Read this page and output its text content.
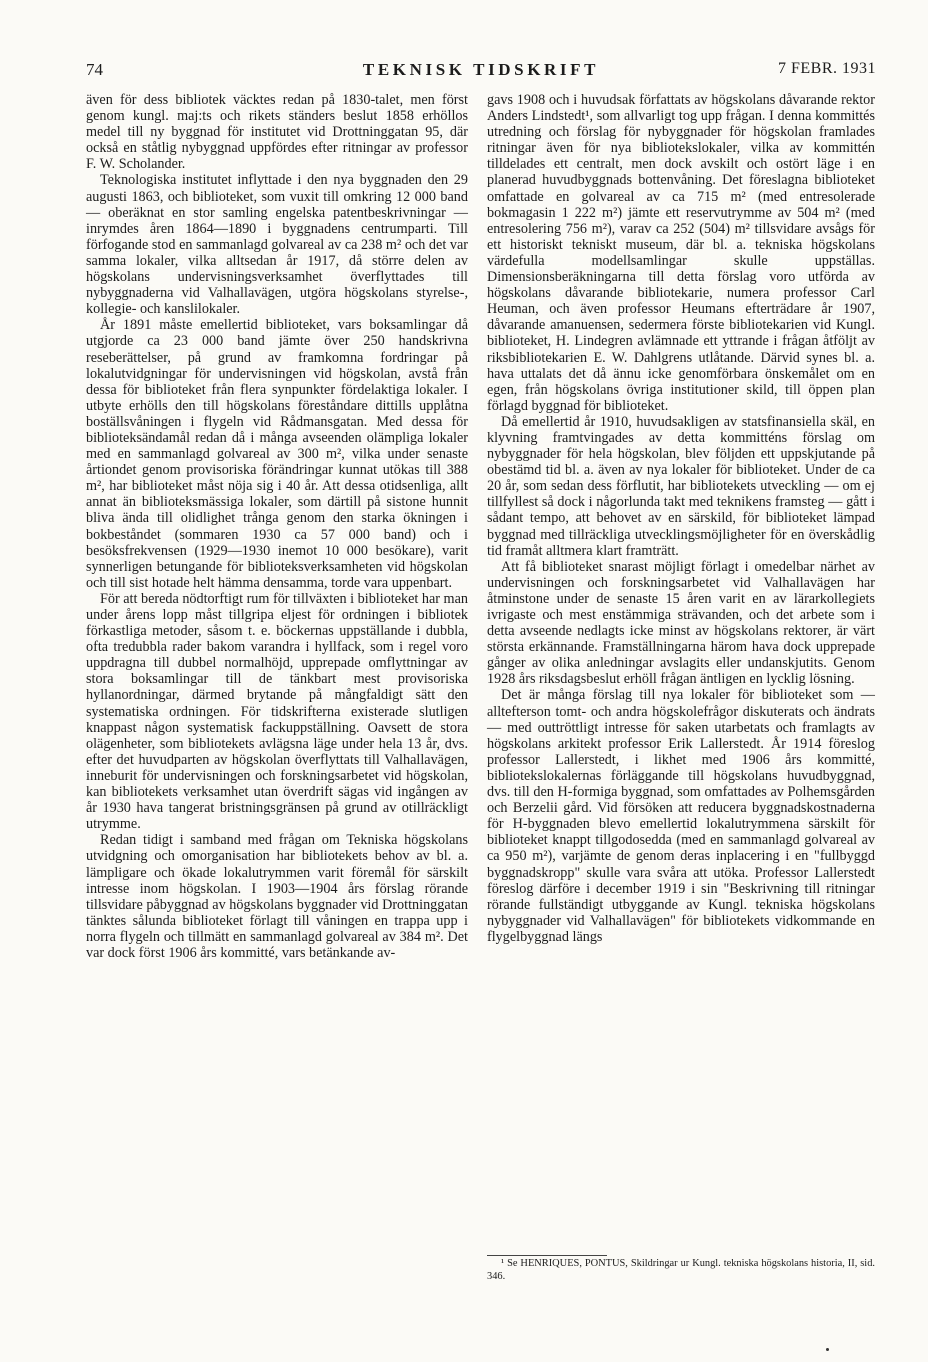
74	TEKNISK TIDSKRIFT	7 FEBR. 1931

även för dess bibliotek väcktes redan på 1830-talet, men först genom kungl. maj:ts och rikets ständers beslut 1858 erhöllos medel till ny byggnad för institutet vid Drottninggatan 95, där också en ståtlig nybyggnad uppfördes efter ritningar av professor F. W. Scholander.

Teknologiska institutet inflyttade i den nya byggnaden den 29 augusti 1863, och biblioteket, som vuxit till omkring 12 000 band — oberäknat en stor samling engelska patentbeskrivningar — inrymdes åren 1864—1890 i byggnadens centrumparti. Till förfogande stod en sammanlagd golvareal av ca 238 m² och det var samma lokaler, vilka alltsedan år 1917, då större delen av högskolans undervisningsverksamhet överflyttades till nybyggnaderna vid Valhallavägen, utgöra högskolans styrelse-, kollegie- och kanslilokaler.

År 1891 måste emellertid biblioteket, vars boksamlingar då utgjorde ca 23 000 band jämte över 250 handskrivna reseberättelser, på grund av framkomna fordringar på lokalutvidgningar för undervisningen vid högskolan, avstå från dessa för biblioteket från flera synpunkter fördelaktiga lokaler. I utbyte erhölls den till högskolans föreståndare dittills upplåtna boställsvåningen i flygeln vid Rådmansgatan. Med dessa för biblioteksändamål redan då i många avseenden olämpliga lokaler med en sammanlagd golvareal av 300 m², vilka under senaste årtiondet genom provisoriska förändringar kunnat utökas till 388 m², har biblioteket måst nöja sig i 40 år. Att dessa otidsenliga, allt annat än biblioteksmässiga lokaler, som därtill på sistone hunnit bliva ända till olidlighet trånga genom den starka ökningen i bokbeståndet (sommaren 1930 ca 57 000 band) och i besöksfrekvensen (1929—1930 inemot 10 000 besökare), varit synnerligen betungande för biblioteksverksamheten vid högskolan och till sist hotade helt hämma densamma, torde vara uppenbart.

För att bereda nödtorftigt rum för tillväxten i biblioteket har man under årens lopp måst tillgripa eljest för ordningen i bibliotek förkastliga metoder, såsom t. e. böckernas uppställande i dubbla, ofta tredubbla rader bakom varandra i hyllfack, som i regel voro uppdragna till dubbel normalhöjd, upprepade omflyttningar av stora boksamlingar till de tänkbart mest provisoriska hyllanordningar, därmed brytande på mångfaldigt sätt den systematiska ordningen. För tidskrifterna existerade slutligen knappast någon systematisk fackuppställning. Oavsett de stora olägenheter, som bibliotekets avlägsna läge under hela 13 år, dvs. efter det huvudparten av högskolan överflyttats till Valhallavägen, inneburit för undervisningen och forskningsarbetet vid högskolan, kan bibliotekets verksamhet utan överdrift sägas vid ingången av år 1930 hava tangerat bristningsgränsen på grund av otillräckligt utrymme.

Redan tidigt i samband med frågan om Tekniska högskolans utvidgning och omorganisation har bibliotekets behov av bl. a. lämpligare och ökade lokalutrymmen varit föremål för särskilt intresse inom högskolan. I 1903—1904 års förslag rörande tillsvidare påbyggnad av högskolans byggnader vid Drottninggatan tänktes sålunda biblioteket förlagt till våningen en trappa upp i norra flygeln och tillmätt en sammanlagd golvareal av 384 m². Det var dock först 1906 års kommitté, vars betänkande av-

gavs 1908 och i huvudsak författats av högskolans dåvarande rektor Anders Lindstedt¹, som allvarligt tog upp frågan. I denna kommittés utredning och förslag för nybyggnader för högskolan framlades ritningar även för nya bibliotekslokaler, vilka av kommittén tilldelades ett centralt, men dock avskilt och ostört läge i en planerad huvudbyggnads bottenvåning. Det föreslagna biblioteket omfattade en golvareal av ca 715 m² (med entresolerade bokmagasin 1 222 m²) jämte ett reservutrymme av 504 m² (med entresolering 756 m²), varav ca 252 (504) m² tillsvidare avsågs för ett historiskt tekniskt museum, där bl. a. tekniska högskolans värdefulla modellsamlingar skulle uppställas. Dimensionsberäkningarna till detta förslag voro utförda av högskolans dåvarande bibliotekarie, numera professor Carl Heuman, och även professor Heumans efterträdare år 1907, dåvarande amanuensen, sedermera förste bibliotekarien vid Kungl. biblioteket, H. Lindegren avlämnade ett yttrande i frågan åtföljt av riksbibliotekarien E. W. Dahlgrens utlåtande. Därvid synes bl. a. hava uttalats det då ännu icke genomförbara önskemålet om en egen, från högskolans övriga institutioner skild, till öppen plan förlagd byggnad för biblioteket.

Då emellertid år 1910, huvudsakligen av statsfinansiella skäl, en klyvning framtvingades av detta kommitténs förslag om nybyggnader för hela högskolan, blev följden ett uppskjutande på obestämd tid bl. a. även av nya lokaler för biblioteket. Under de ca 20 år, som sedan dess förflutit, har bibliotekets utveckling — om ej tillfyllest så dock i någorlunda takt med teknikens framsteg — gått i sådant tempo, att behovet av en särskild, för biblioteket lämpad byggnad med tillräckliga utvecklingsmöjligheter för en överskådlig tid framåt alltmera klart framträtt.

Att få biblioteket snarast möjligt förlagt i omedelbar närhet av undervisningen och forskningsarbetet vid Valhallavägen har åtminstone under de senaste 15 åren varit en av lärarkollegiets ivrigaste och mest enstämmiga strävanden, och det arbete som i detta avseende nedlagts icke minst av högskolans rektorer, är värt största erkännande. Framställningarna härom hava dock upprepade gånger av olika anledningar avslagits eller undanskjutits. Genom 1928 års riksdagsbeslut erhöll frågan äntligen en lycklig lösning.

Det är många förslag till nya lokaler för biblioteket som — alltefterson tomt- och andra högskolefrågor diskuterats och ändrats — med outtröttligt intresse för saken utarbetats och framlagts av högskolans arkitekt professor Erik Lallerstedt. År 1914 föreslog professor Lallerstedt, i likhet med 1906 års kommitté, bibliotekslokalernas förläggande till högskolans huvudbyggnad, dvs. till den H-formiga byggnad, som omfattades av Polhemsgården och Berzelii gård. Vid försöken att reducera byggnadskostnaderna för H-byggnaden blevo emellertid lokalutrymmena särskilt för biblioteket knappt tillgodosedda (med en sammanlagd golvareal av ca 950 m²), varjämte de genom deras inplacering i en "fullbyggd byggnadskropp" skulle vara svåra att utöka. Professor Lallerstedt föreslog därföre i december 1919 i sin "Beskrivning till ritningar rörande fullständigt utbyggande av Kungl. tekniska högskolans nybyggnader vid Valhallavägen" för bibliotekets vidkommande en flygelbyggnad längs

¹ Se HENRIQUES, PONTUS, Skildringar ur Kungl. tekniska högskolans historia, II, sid. 346.
